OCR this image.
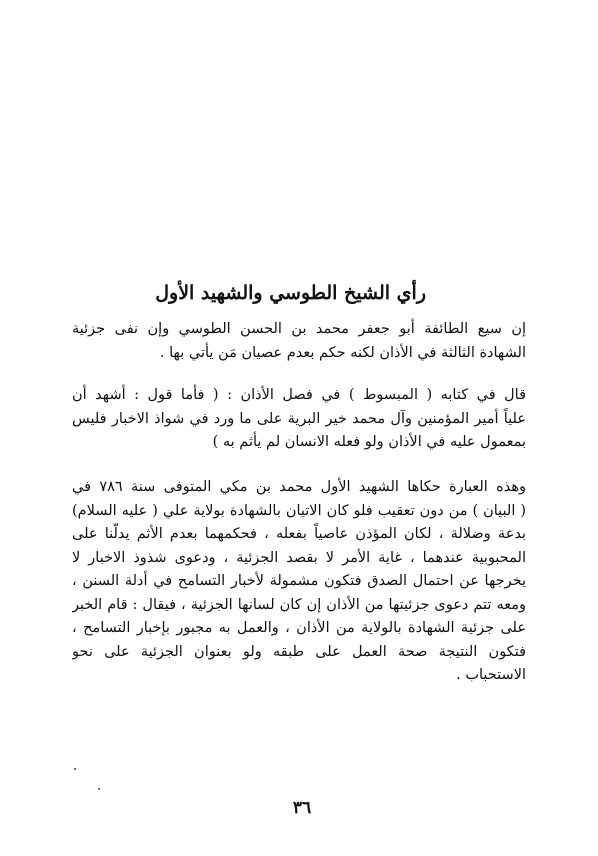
رأي الشيخ الطوسي والشهيد الأول
إن سيع الطائفة أبو جعفر محمد بن الحسن الطوسي وإن نفى جزئية
الشهادة الثالثة في الأذان لكنه حكم بعدم عصيان مَن يأتي بها .
قال في كتابه ( المبسوط ) في فصل الأذان : ( فأما قول : أشهد أن
علياً أمير المؤمنين وآل محمد خير البرية على ما ورد في شواذ الاخبار فليس
بمعمول عليه في الأذان ولو فعله الانسان لم يأثم به )
وهذه العبارة حكاها الشهيد الأول محمد بن مكي المتوفى سنة ٧٨٦ في
( البيان ) من دون تعقيب فلو كان الاتيان بالشهادة بولاية علي ( عليه السلام)
بدعة وضلالة ، لكان المؤذن عاصياً بفعله ، فحكمهما بعدم الأثم يدلّنا على
المحبوبية عندهما ، غاية الأمر لا بقصد الجزئية ، ودعوى شذوذ الاخبار لا
يخرجها عن احتمال الصدق فتكون مشمولة لأخبار التسامح في أدلة السنن ،
ومعه تتم دعوى جزئيتها من الأذان إن كان لسانها الجزئية ، فيقال : قام الخبر
على جزئية الشهادة بالولاية من الأذان ، والعمل به مجبور بإخبار التسامح ،
فتكون النتيجة صحة العمل على طبقه ولو بعنوان الجزئية على نحو
الاستحباب .
٣٦
